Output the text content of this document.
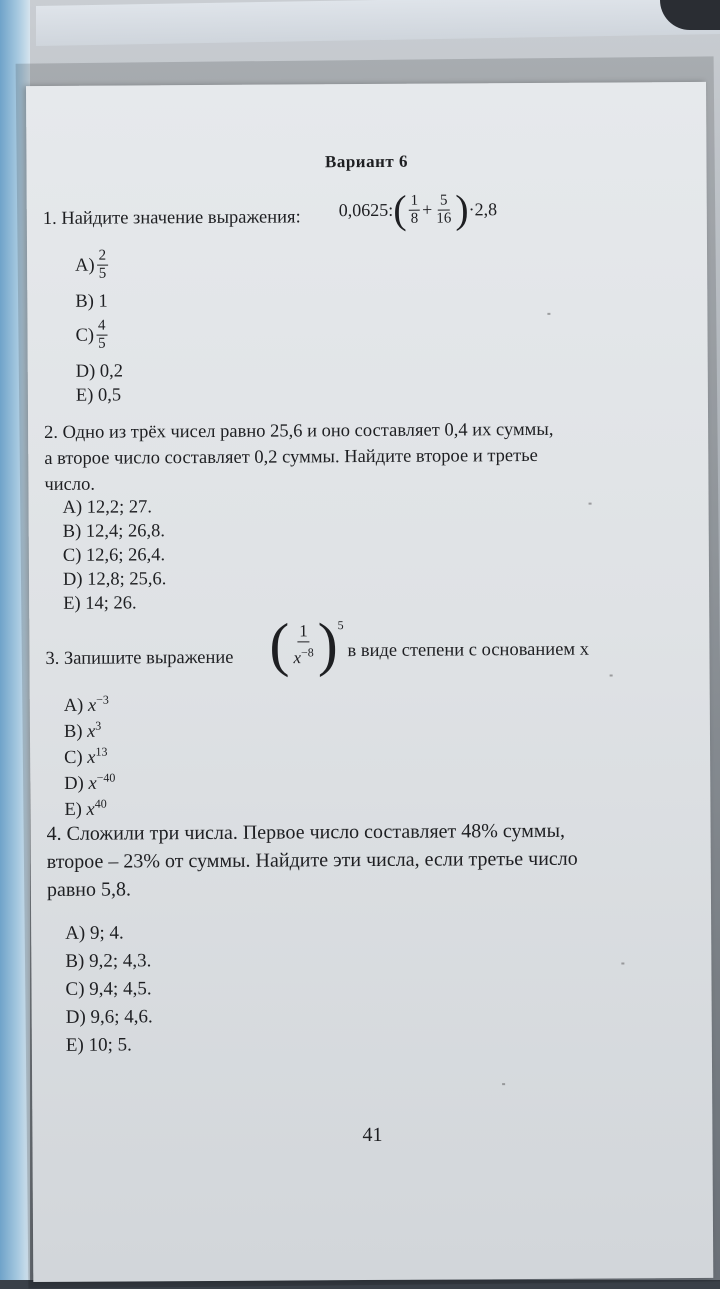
Вариант 6
1. Найдите значение выражения: 0,0625: ( $\frac{1}{8} + \frac{5}{16}$ ) ·2,8
$A) \frac{2}{5}$
B) 1
$C) \frac{4}{5}$
D) 0,2
E) 0,5
2. Одно из трёх чисел равно 25,6 и оно составляет 0,4 их суммы,
а второе число составляет 0,2 суммы. Найдите второе и третье
число.
A) 12,2; 27.
B) 12,4; 26,8.
C) 12,6; 26,4.
D) 12,8; 25,6.
E) 14; 26.
3. Запишите выражение ( $\frac{1}{x^{-8}} )^5$
в виде степени с основанием x
A) $x^{-3}$
B) $x^3$
C) $x^{13}$
D) $x^{-40}$
E) $x^{40}$
4. Сложили три числа. Первое число составляет 48% суммы,
второе – 23% от суммы. Найдите эти числа, если третье число
равно 5,8.
A) 9; 4.
B) 9,2; 4,3.
C) 9,4; 4,5.
D) 9,6; 4,6.
E) 10; 5.
41
